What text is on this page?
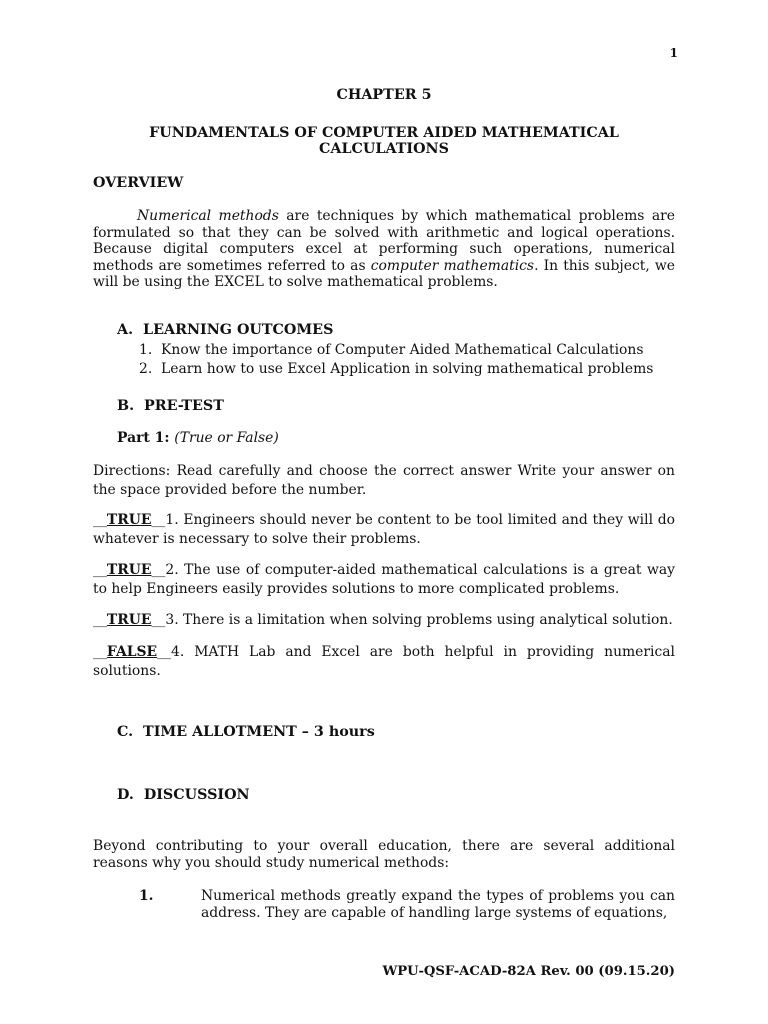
1
CHAPTER 5
FUNDAMENTALS OF COMPUTER AIDED MATHEMATICAL
CALCULATIONS
OVERVIEW
Numerical methods are techniques by which mathematical problems are formulated so that they can be solved with arithmetic and logical operations. Because digital computers excel at performing such operations, numerical methods are sometimes referred to as computer mathematics. In this subject, we will be using the EXCEL to solve mathematical problems.
A.  LEARNING OUTCOMES
1. Know the importance of Computer Aided Mathematical Calculations
2. Learn how to use Excel Application in solving mathematical problems
B.  PRE-TEST
Part 1: (True or False)
Directions: Read carefully and choose the correct answer Write your answer on the space provided before the number.
__TRUE__1. Engineers should never be content to be tool limited and they will do whatever is necessary to solve their problems.
__TRUE__2. The use of computer-aided mathematical calculations is a great way to help Engineers easily provides solutions to more complicated problems.
__TRUE__3. There is a limitation when solving problems using analytical solution.
__FALSE__4. MATH Lab and Excel are both helpful in providing numerical solutions.
C.  TIME ALLOTMENT – 3 hours
D.  DISCUSSION
Beyond contributing to your overall education, there are several additional reasons why you should study numerical methods:
1.	Numerical methods greatly expand the types of problems you can address. They are capable of handling large systems of equations,
WPU-QSF-ACAD-82A Rev. 00 (09.15.20)
